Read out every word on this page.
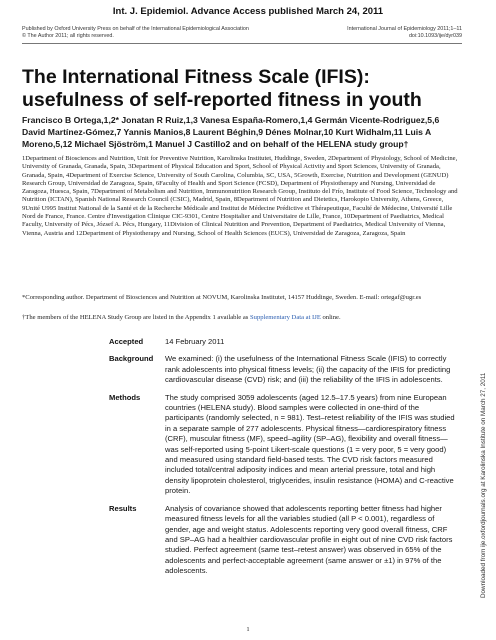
Int. J. Epidemiol. Advance Access published March 24, 2011
Published by Oxford University Press on behalf of the International Epidemiological Association	International Journal of Epidemiology 2011;1–11
© The Author 2011; all rights reserved.	doi:10.1093/ije/dyr039
The International Fitness Scale (IFIS): usefulness of self-reported fitness in youth

Francisco B Ortega,1,2* Jonatan R Ruiz,1,3 Vanesa España-Romero,1,4 Germán Vicente-Rodriguez,5,6 David Martínez-Gómez,7 Yannis Manios,8 Laurent Béghin,9 Dénes Molnar,10 Kurt Widhalm,11 Luis A Moreno,5,12 Michael Sjöström,1 Manuel J Castillo2 and on behalf of the HELENA study group†

1Department of Biosciences and Nutrition, Unit for Preventive Nutrition, Karolinska Institutet, Huddinge, Sweden, 2Department of Physiology, School of Medicine, University of Granada, Granada, Spain, 3Department of Physical Education and Sport, School of Physical Activity and Sport Sciences, University of Granada, Granada, Spain, 4Department of Exercise Science, University of South Carolina, Columbia, SC, USA, 5Growth, Exercise, Nutrition and Development (GENUD) Research Group, Universidad de Zaragoza, Spain, 6Faculty of Health and Sport Science (FCSD), Department of Physiotherapy and Nursing, Universidad de Zaragoza, Huesca, Spain, 7Department of Metabolism and Nutrition, Immunonutrition Research Group, Instituto del Frío, Institute of Food Science, Technology and Nutrition (ICTAN), Spanish National Research Council (CSIC), Madrid, Spain, 8Department of Nutrition and Dietetics, Harokopio University, Athens, Greece, 9Unité U995 Institut National de la Santé et de la Recherche Médicale and Institut de Médecine Prédictive et Thérapeutique, Faculté de Médecine, Université Lille Nord de France, France. Centre d'Investigation Clinique CIC-9301, Centre Hospitalier and Universitaire de Lille, France, 10Department of Paediatrics, Medical Faculty, University of Pécs, József A. Pécs, Hungary, 11Division of Clinical Nutrition and Prevention, Department of Paediatrics, Medical University of Vienna, Vienna, Austria and 12Department of Physiotherapy and Nursing, School of Health Sciences (EUCS), Universidad de Zaragoza, Zaragoza, Spain

*Corresponding author. Department of Biosciences and Nutrition at NOVUM, Karolinska Institutet, 14157 Huddinge, Sweden. E-mail: ortegaf@ugr.es

†The members of the HELENA Study Group are listed in the Appendix 1 available as Supplementary Data at IJE online.

Accepted	14 February 2011
Background	We examined: (i) the usefulness of the International Fitness Scale (IFIS) to correctly rank adolescents into physical fitness levels; (ii) the capacity of the IFIS for predicting cardiovascular disease (CVD) risk; and (iii) the reliability of the IFIS in adolescents.
Methods	The study comprised 3059 adolescents (aged 12.5–17.5 years) from nine European countries (HELENA study). Blood samples were collected in one-third of the participants (randomly selected, n = 981). Test–retest reliability of the IFIS was studied in a separate sample of 277 adolescents. Physical fitness—cardiorespiratory fitness (CRF), muscular fitness (MF), speed–agility (SP–AG), flexibility and overall fitness—was self-reported using 5-point Likert-scale questions (1 = very poor, 5 = very good) and measured using standard field-based tests. The CVD risk factors measured included total/central adiposity indices and mean arterial pressure, total and high density lipoprotein cholesterol, triglycerides, insulin resistance (HOMA) and C-reactive protein.
Results	Analysis of covariance showed that adolescents reporting better fitness had higher measured fitness levels for all the variables studied (all P < 0.001), regardless of gender, age and weight status. Adolescents reporting very good overall fitness, CRF and SP–AG had a healthier cardiovascular profile in eight out of nine CVD risk factors studied. Perfect agreement (same test–retest answer) was observed in 65% of the adolescents and perfect-acceptable agreement (same answer or ±1) in 97% of the adolescents.	Downloaded from ije.oxfordjournals.org at Karolinska Institute on March 27, 2011
1
